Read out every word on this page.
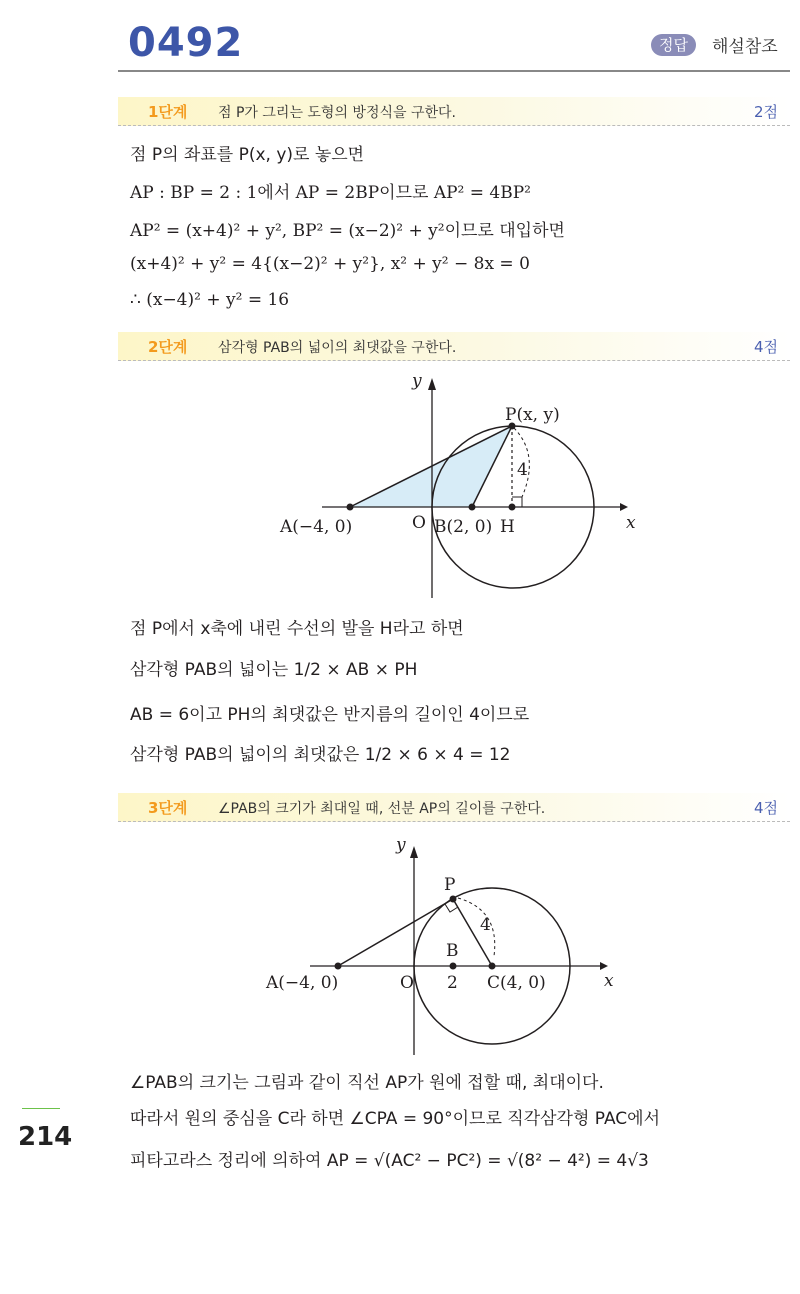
0492	정답	해설참조
1단계 점 P가 그리는 도형의 방정식을 구한다.	2점
점 P의 좌표를 P(x, y)로 놓으면
AP : BP = 2 : 1에서 AP = 2BP이므로 AP² = 4BP²
AP² = (x+4)² + y², BP² = (x−2)² + y²이므로 대입하면
(x+4)² + y² = 4{(x−2)² + y²}, x² + y² − 8x = 0
∴ (x−4)² + y² = 16
2단계 삼각형 PAB의 넓이의 최댓값을 구한다.	4점
y
x
P(x, y)
A(−4, 0)	O B(2, 0) H
4
점 P에서 x축에 내린 수선의 발을 H라고 하면
삼각형 PAB의 넓이는 1/2 × AB × PH
AB = 6이고 PH의 최댓값은 반지름의 길이인 4이므로
삼각형 PAB의 넓이의 최댓값은 1/2 × 6 × 4 = 12
3단계 ∠PAB의 크기가 최대일 때, 선분 AP의 길이를 구한다.	4점
y
x
P
4
B
2
A(−4, 0)	O	C(4, 0)
∠PAB의 크기는 그림과 같이 직선 AP가 원에 접할 때, 최대이다.
따라서 원의 중심을 C라 하면 ∠CPA = 90°이므로 직각삼각형 PAC에서
피타고라스 정리에 의하여 AP = √(AC² − PC²) = √(8² − 4²) = 4√3
214
